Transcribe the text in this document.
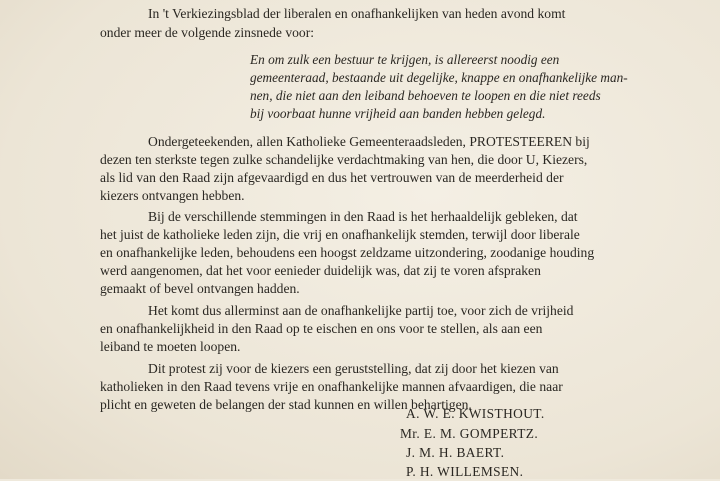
In 't Verkiezingsblad der liberalen en onafhankelijken van heden avond komt
onder meer de volgende zinsnede voor:
En om zulk een bestuur te krijgen, is allereerst noodig een
gemeenteraad, bestaande uit degelijke, knappe en onafhankelijke man-
nen, die niet aan den leiband behoeven te loopen en die niet reeds
bij voorbaat hunne vrijheid aan banden hebben gelegd.
Ondergeteekenden, allen Katholieke Gemeenteraadsleden, PROTESTEEREN bij
dezen ten sterkste tegen zulke schandelijke verdachtmaking van hen, die door U, Kiezers,
als lid van den Raad zijn afgevaardigd en dus het vertrouwen van de meerderheid der
kiezers ontvangen hebben.
Bij de verschillende stemmingen in den Raad is het herhaaldelijk gebleken, dat
het juist de katholieke leden zijn, die vrij en onafhankelijk stemden, terwijl door liberale
en onafhankelijke leden, behoudens een hoogst zeldzame uitzondering, zoodanige houding
werd aangenomen, dat het voor eenieder duidelijk was, dat zij te voren afspraken
gemaakt of bevel ontvangen hadden.
Het komt dus allerminst aan de onafhankelijke partij toe, voor zich de vrijheid
en onafhankelijkheid in den Raad op te eischen en ons voor te stellen, als aan een
leiband te moeten loopen.
Dit protest zij voor de kiezers een geruststelling, dat zij door het kiezen van
katholieken in den Raad tevens vrije en onafhankelijke mannen afvaardigen, die naar
plicht en geweten de belangen der stad kunnen en willen behartigen.
A. W. E. KWISTHOUT.
Mr. E. M. GOMPERTZ.
J. M. H. BAERT.
P. H. WILLEMSEN.
